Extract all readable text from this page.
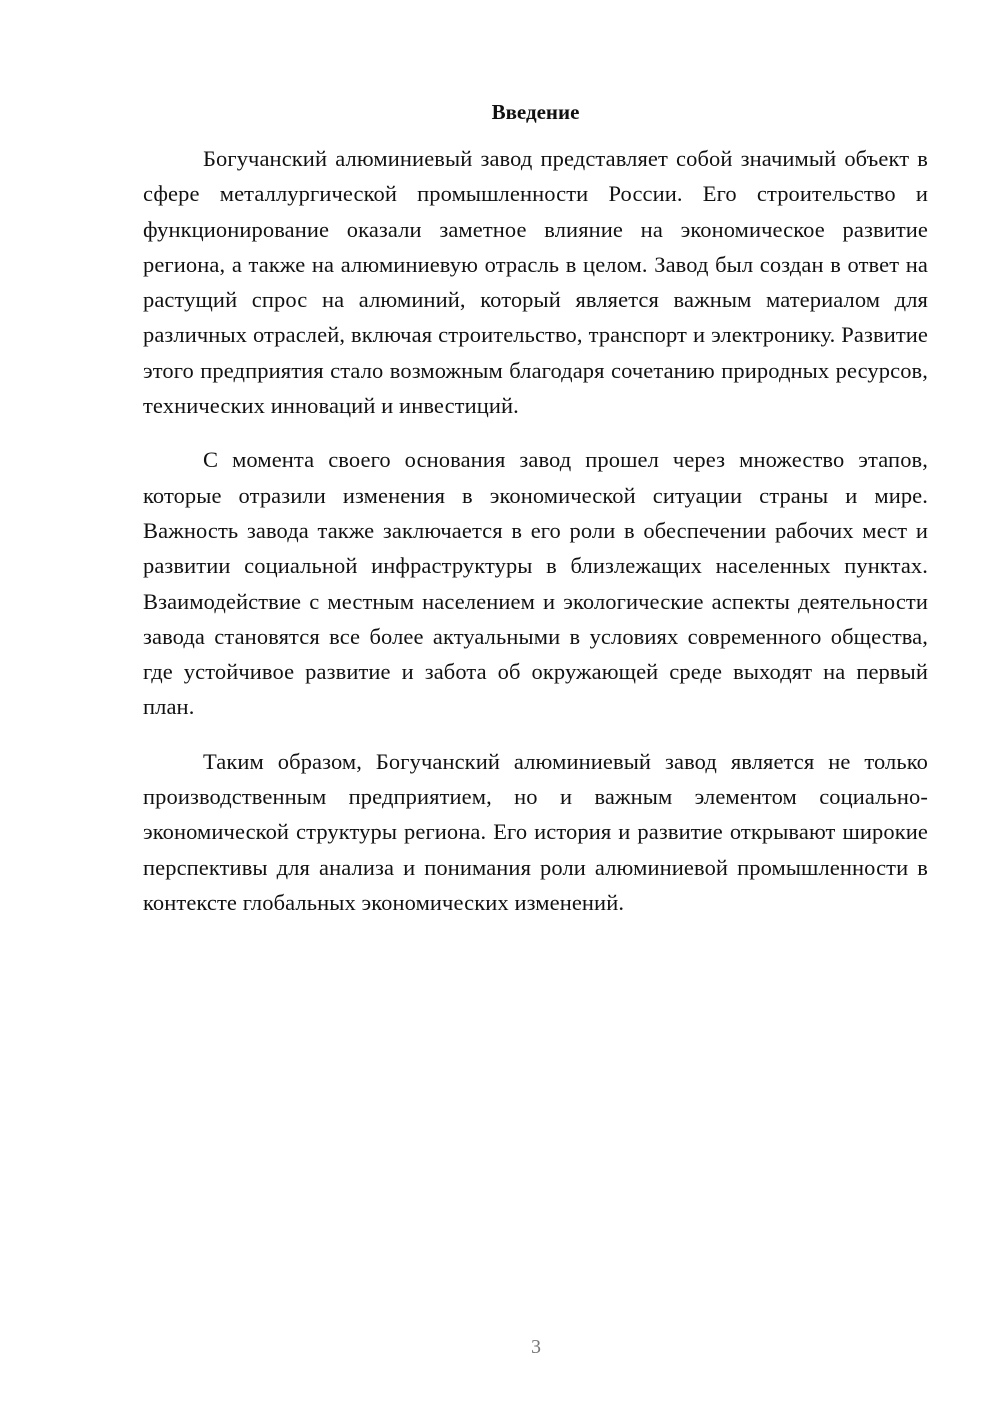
Введение

Богучанский алюминиевый завод представляет собой значимый объект в сфере металлургической промышленности России. Его строительство и функционирование оказали заметное влияние на экономическое развитие региона, а также на алюминиевую отрасль в целом. Завод был создан в ответ на растущий спрос на алюминий, который является важным материалом для различных отраслей, включая строительство, транспорт и электронику. Развитие этого предприятия стало возможным благодаря сочетанию природных ресурсов, технических инноваций и инвестиций.

С момента своего основания завод прошел через множество этапов, которые отразили изменения в экономической ситуации страны и мире. Важность завода также заключается в его роли в обеспечении рабочих мест и развитии социальной инфраструктуры в близлежащих населенных пунктах. Взаимодействие с местным населением и экологические аспекты деятельности завода становятся все более актуальными в условиях современного общества, где устойчивое развитие и забота об окружающей среде выходят на первый план.

Таким образом, Богучанский алюминиевый завод является не только производственным предприятием, но и важным элементом социально-экономической структуры региона. Его история и развитие открывают широкие перспективы для анализа и понимания роли алюминиевой промышленности в контексте глобальных экономических изменений.

3
